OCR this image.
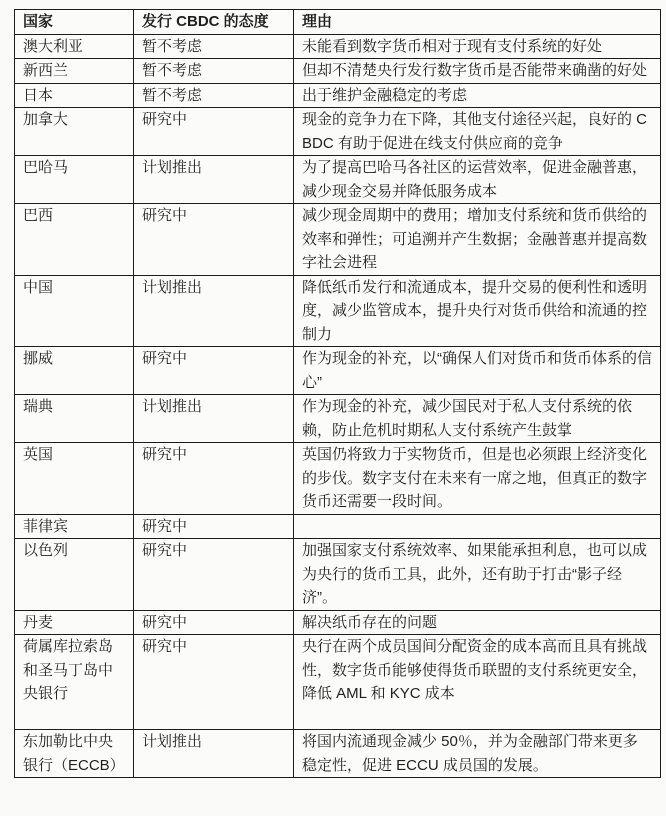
国家	发行 CBDC 的态度	理由
澳大利亚	暂不考虑	未能看到数字货币相对于现有支付系统的好处
新西兰	暂不考虑	但却不清楚央行发行数字货币是否能带来确凿的好处
日本	暂不考虑	出于维护金融稳定的考虑
加拿大	研究中	现金的竞争力在下降，其他支付途径兴起，良好的 CBDC 有助于促进在线支付供应商的竞争
巴哈马	计划推出	为了提高巴哈马各社区的运营效率，促进金融普惠，减少现金交易并降低服务成本
巴西	研究中	减少现金周期中的费用；增加支付系统和货币供给的效率和弹性；可追溯并产生数据；金融普惠并提高数字社会进程
中国	计划推出	降低纸币发行和流通成本，提升交易的便利性和透明度，减少监管成本，提升央行对货币供给和流通的控制力
挪威	研究中	作为现金的补充，以“确保人们对货币和货币体系的信心”
瑞典	计划推出	作为现金的补充，减少国民对于私人支付系统的依赖，防止危机时期私人支付系统产生鼓掌
英国	研究中	英国仍将致力于实物货币，但是也必须跟上经济变化的步伐。数字支付在未来有一席之地，但真正的数字货币还需要一段时间。
菲律宾	研究中	
以色列	研究中	加强国家支付系统效率、如果能承担利息，也可以成为央行的货币工具，此外，还有助于打击“影子经济”。
丹麦	研究中	解决纸币存在的问题
荷属库拉索岛和圣马丁岛中央银行	研究中	央行在两个成员国间分配资金的成本高而且具有挑战性，数字货币能够使得货币联盟的支付系统更安全，降低 AML 和 KYC 成本
东加勒比中央银行（ECCB）	计划推出	将国内流通现金减少 50％，并为金融部门带来更多稳定性，促进 ECCU 成员国的发展。
